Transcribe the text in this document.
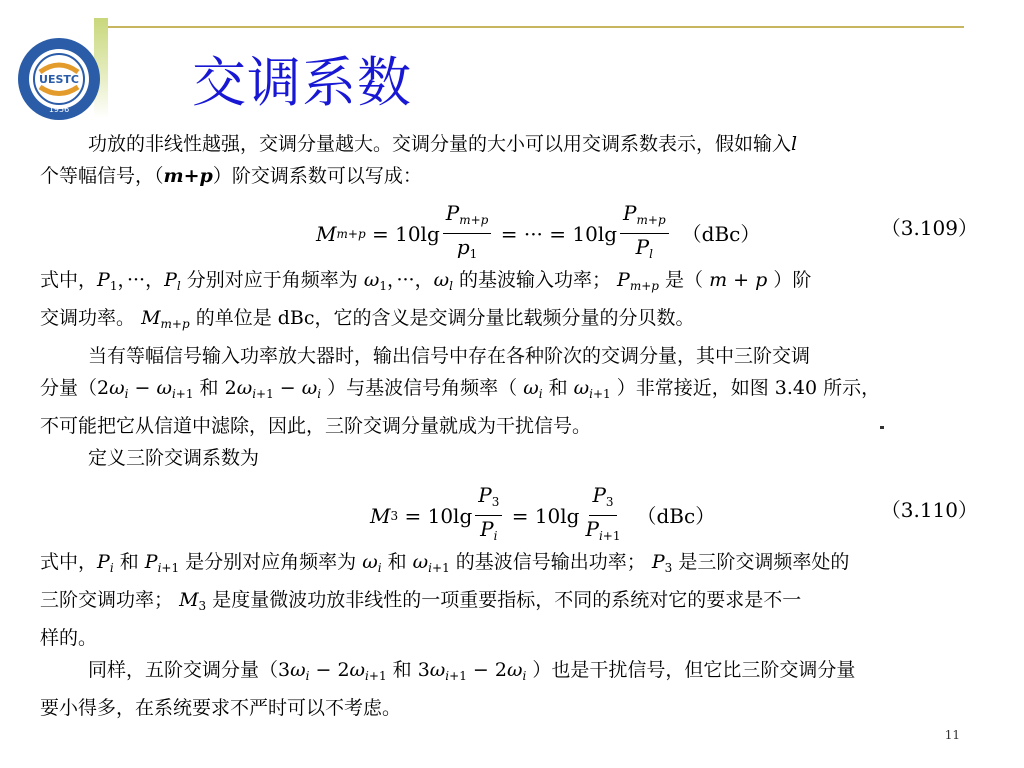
UESTC
1956 交调系数

功放的非线性越强，交调分量越大。交调分量的大小可以用交调系数表示，假如输入l

个等幅信号，（m+p）阶交调系数可以写成：

M $m+p = 10\lg \frac{P_{m+p}}{p_1}$ = ··· = $10\lg \frac{P_{m+p}}{P_l} (dBc)$	（3.109）

式中，$P_1$，···，$P_l$ 分别对应于角频率为 $\omega_1$，···，$\omega_l$ 的基波输入功率； $P_{m+p}$ 是（ m + p ）阶
交调功率。 $M_{m+p}$ 的单位是 dBc，它的含义是交调分量比载频分量的分贝数。

当有等幅信号输入功率放大器时，输出信号中存在各种阶次的交调分量，其中三阶交调

分量（$2\omega_i - \omega_{i+1}$ 和 $2\omega_{i+1} - \omega_i$ ）与基波信号角频率（ $\omega_i$ 和 $\omega_{i+1}$ ）非常接近，如图 3.40 所示，
不可能把它从信道中滤除，因此，三阶交调分量就成为干扰信号。

定义三阶交调系数为

M $3 = 10\lg \frac{P_3}{P_i} = 10\lg \frac{P_3}{P_{i+1}} (dBc)$	（3.110）

式中，$P_i$ 和 $P_{i+1}$ 是分别对应角频率为 $\omega_i$ 和 $\omega_{i+1}$ 的基波信号输出功率； $P_3$ 是三阶交调频率处的
三阶交调功率； $M_3$ 是度量微波功放非线性的一项重要指标，不同的系统对它的要求是不一
样的。

同样，五阶交调分量（$3\omega_i - 2\omega_{i+1}$ 和 $3\omega_{i+1} - 2\omega_i$ ）也是干扰信号，但它比三阶交调分量

要小得多，在系统要求不严时可以不考虑。

11
